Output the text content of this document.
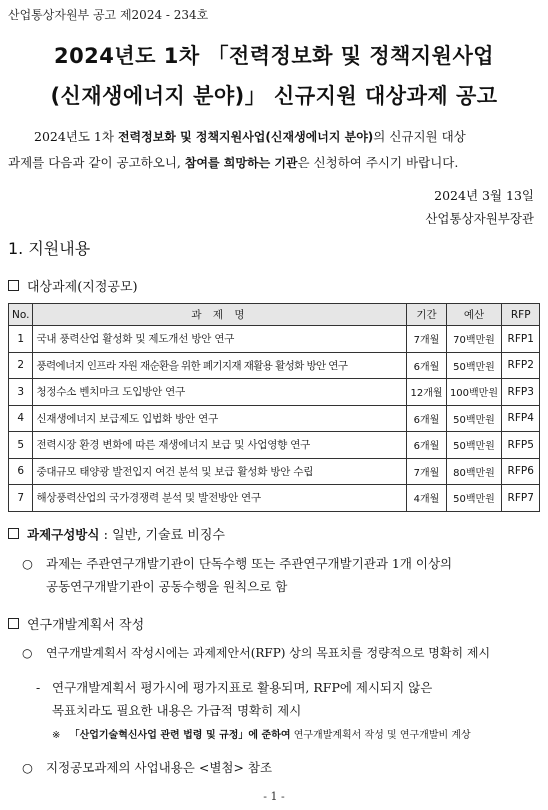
산업통상자원부 공고 제2024 - 234호
2024년도 1차 「전력정보화 및 정책지원사업
(신재생에너지 분야)」 신규지원 대상과제 공고
2024년도 1차 전력정보화 및 정책지원사업(신재생에너지 분야)의 신규지원 대상
과제를 다음과 같이 공고하오니, 참여를 희망하는 기관은 신청하여 주시기 바랍니다.
2024년 3월 13일
산업통상자원부장관
1. 지원내용
대상과제(지정공모)
No.	과 제 명	기간	예산	RFP
1	국내 풍력산업 활성화 및 제도개선 방안 연구	7개월	70백만원	RFP1
2	풍력에너지 인프라 자원 재순환을 위한 폐기지재 재활용 활성화 방안 연구	6개월	50백만원	RFP2
3	청정수소 벤치마크 도입방안 연구	12개월	100백만원	RFP3
4	신재생에너지 보급제도 입법화 방안 연구	6개월	50백만원	RFP4
5	전력시장 환경 변화에 따른 재생에너지 보급 및 사업영향 연구	6개월	50백만원	RFP5
6	중대규모 태양광 발전입지 여건 분석 및 보급 활성화 방안 수립	7개월	80백만원	RFP6
7	해상풍력산업의 국가경쟁력 분석 및 발전방안 연구	4개월	50백만원	RFP7
과제구성방식 : 일반, 기술료 비징수
○	과제는 주관연구개발기관이 단독수행 또는 주관연구개발기관과 1개 이상의
공동연구개발기관이 공동수행을 원칙으로 함
연구개발계획서 작성
○	연구개발계획서 작성시에는 과제제안서(RFP) 상의 목표치를 정량적으로 명확히 제시
- 연구개발계획서 평가시에 평가지표로 활용되며, RFP에 제시되지 않은
목표치라도 필요한 내용은 가급적 명확히 제시
※ 「산업기술혁신사업 관련 법령 및 규정」에 준하여 연구개발계획서 작성 및 연구개발비 계상
○	지정공모과제의 사업내용은 <별첨> 참조
- 1 -
